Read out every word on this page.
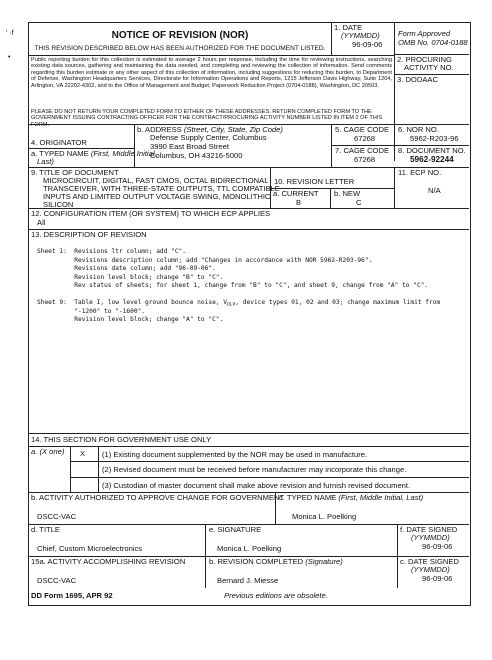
' ·f
•
NOTICE OF REVISION (NOR)
THIS REVISION DESCRIBED BELOW HAS BEEN AUTHORIZED FOR THE DOCUMENT LISTED.
1. DATE
(YYMMDD)
96-09-06
Form Approved
OMB No. 0704-0188
2. PROCURING
ACTIVITY NO.
3. DODAAC
Public reporting burden for this collection is estimated to average 2 hours per response, including the time for reviewing instructions, searching existing data sources, gathering and maintaining the data needed, and completing and reviewing the collection of information. Send comments regarding this burden estimate or any other aspect of this collection of information, including suggestions for reducing this burden, to Department of Defense, Washington Headquarters Services, Directorate for Information Operations and Reports, 1215 Jefferson Davis Highway, Suite 1204, Arlington, VA 22202-4302, and to the Office of Management and Budget, Paperwork Reduction Project (0704-0188), Washington, DC 20503.
PLEASE DO NOT RETURN YOUR COMPLETED FORM TO EITHER OF THESE ADDRESSES. RETURN COMPLETED FORM TO THE GOVERNMENT ISSUING CONTRACTING OFFICER FOR THE CONTRACT/PROCURING ACTIVITY NUMBER LISTED IN ITEM 2 OF THIS FORM.
4. ORIGINATOR
a. TYPED NAME (First, Middle Initial,
Last)
b. ADDRESS (Street, City, State, Zip Code)
Defense Supply Center, Columbus
3990 East Broad Street
Columbus, OH 43216-5000
5. CAGE CODE
67268
6. NOR NO.
5962-R203-96
7. CAGE CODE
67268
8. DOCUMENT NO.
5962-92244
9. TITLE OF DOCUMENT
MICROCIRCUIT, DIGITAL, FAST CMOS, OCTAL BIDIRECTIONAL
TRANSCEIVER, WITH THREE-STATE OUTPUTS, TTL COMPATIBLE
INPUTS AND LIMITED OUTPUT VOLTAGE SWING, MONOLITHIC
SILICON
10. REVISION LETTER
a. CURRENT
B
b. NEW
C
11. ECP NO.
N/A
12. CONFIGURATION ITEM (OR SYSTEM) TO WHICH ECP APPLIES
All
13. DESCRIPTION OF REVISION
Sheet 1:  Revisions ltr column; add "C".
Revisions description column; add "Changes in accordance with NOR 5962-R203-96".
Revisions date column; add "96-09-06".
Revision level block; change "B" to "C".
Rev status of sheets; for sheet 1, change from "B" to "C", and sheet 9, change from "A" to "C".
Sheet 9:  Table I, low level ground bounce noise, $V_{OLV}$, device types 01, 02 and 03; change maximum limit from
"-1200" to "-1600".
Revision level block; change "A" to "C".
14. THIS SECTION FOR GOVERNMENT USE ONLY
a. (X one) X (1) Existing document supplemented by the NOR may be used in manufacture.
(2) Revised document must be received before manufacturer may incorporate this change.
(3) Custodian of master document shall make above revision and furnish revised document.
b. ACTIVITY AUTHORIZED TO APPROVE CHANGE FOR GOVERNMENT
DSCC-VAC
c. TYPED NAME (First, Middle Initial, Last)
Monica L. Poelking
d. TITLE
Chief, Custom Microelectronics
e. SIGNATURE
Monica L. Poelking
f. DATE SIGNED
(YYMMDD)
96-09-06
15a. ACTIVITY ACCOMPLISHING REVISION
DSCC-VAC
b. REVISION COMPLETED (Signature)
Bernard J. Miesse
c. DATE SIGNED
(YYMMDD)
96-09-06
DD Form 1695, APR 92	Previous editions are obsolete.
